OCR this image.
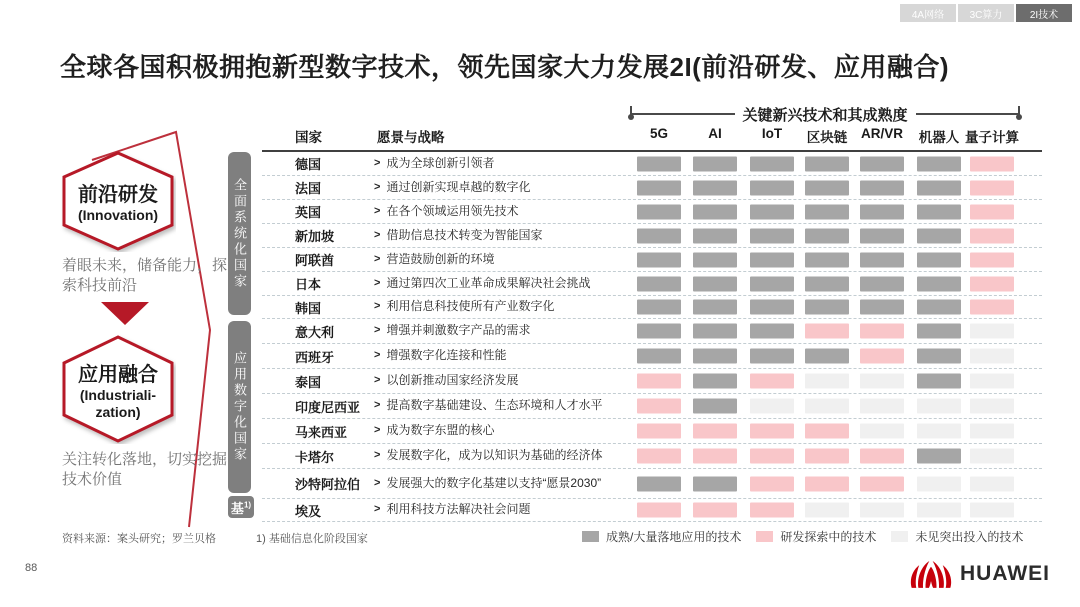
4A网络	3C算力	2I技术
全球各国积极拥抱新型数字技术，领先国家大力发展2I(前沿研发、应用融合)
前沿研发
(Innovation)
着眼未来，储备能力，探索科技前沿
应用融合
(Industriali-zation)
关注转化落地，切实挖掘技术价值
全面系统化国家
应用数字化国家
基$^{1)}$
关键新兴技术和其成熟度
国家	愿景与战略	5G	AI	IoT	区块链	AR/VR	机器人 量子计算
德国	> 成为全球创新引领者
法国	> 通过创新实现卓越的数字化
英国	> 在各个领域运用领先技术
新加坡	> 借助信息技术转变为智能国家
阿联酋	> 营造鼓励创新的环境
日本	> 通过第四次工业革命成果解决社会挑战
韩国	> 利用信息科技使所有产业数字化
意大利	> 增强并刺激数字产品的需求
西班牙	> 增强数字化连接和性能
泰国	> 以创新推动国家经济发展
印度尼西亚 > 提高数字基础建设、生态环境和人才水平
马来西亚 > 成为数字东盟的核心
卡塔尔	> 发展数字化，成为以知识为基础的经济体
沙特阿拉伯 > 发展强大的数字化基建以支持“愿景2030”
埃及	> 利用科技方法解决社会问题
成熟/大量落地应用的技术	研发探索中的技术	未见突出投入的技术
资料来源：案头研究；罗兰贝格	1) 基础信息化阶段国家
88	HUAWEI
